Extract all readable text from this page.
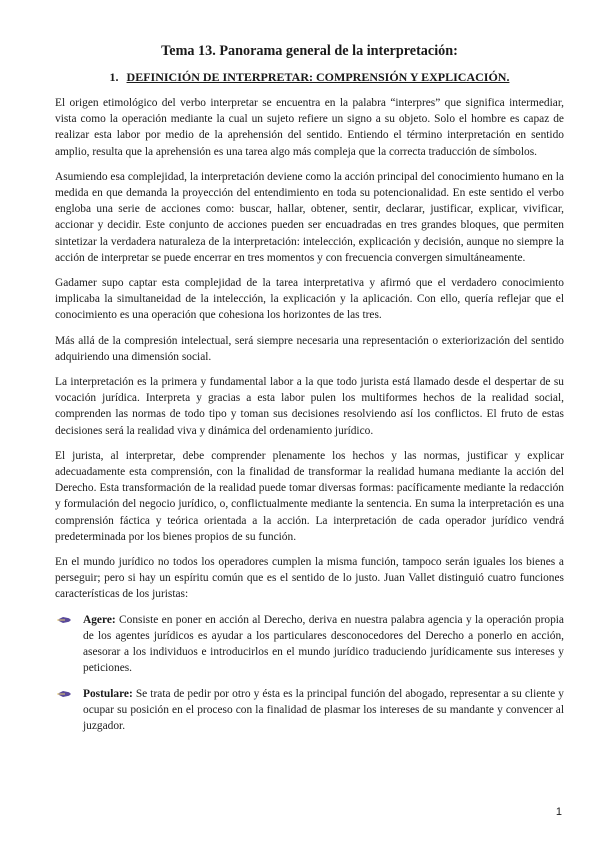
Tema 13. Panorama general de la interpretación:
1. DEFINICIÓN DE INTERPRETAR: COMPRENSIÓN Y EXPLICACIÓN.

El origen etimológico del verbo interpretar se encuentra en la palabra “interpres” que significa intermediar, vista como la operación mediante la cual un sujeto refiere un signo a su objeto. Solo el hombre es capaz de realizar esta labor por medio de la aprehensión del sentido. Entiendo el término interpretación en sentido amplio, resulta que la aprehensión es una tarea algo más compleja que la correcta traducción de símbolos.

Asumiendo esa complejidad, la interpretación deviene como la acción principal del conocimiento humano en la medida en que demanda la proyección del entendimiento en toda su potencionalidad. En este sentido el verbo engloba una serie de acciones como: buscar, hallar, obtener, sentir, declarar, justificar, explicar, vivificar, accionar y decidir. Este conjunto de acciones pueden ser encuadradas en tres grandes bloques, que permiten sintetizar la verdadera naturaleza de la interpretación: intelección, explicación y decisión, aunque no siempre la acción de interpretar se puede encerrar en tres momentos y con frecuencia convergen simultáneamente.

Gadamer supo captar esta complejidad de la tarea interpretativa y afirmó que el verdadero conocimiento implicaba la simultaneidad de la intelección, la explicación y la aplicación. Con ello, quería reflejar que el conocimiento es una operación que cohesiona los horizontes de las tres.

Más allá de la compresión intelectual, será siempre necesaria una representación o exteriorización del sentido adquiriendo una dimensión social.

La interpretación es la primera y fundamental labor a la que todo jurista está llamado desde el despertar de su vocación jurídica. Interpreta y gracias a esta labor pulen los multiformes hechos de la realidad social, comprenden las normas de todo tipo y toman sus decisiones resolviendo así los conflictos. El fruto de estas decisiones será la realidad viva y dinámica del ordenamiento jurídico.

El jurista, al interpretar, debe comprender plenamente los hechos y las normas, justificar y explicar adecuadamente esta comprensión, con la finalidad de transformar la realidad humana mediante la acción del Derecho. Esta transformación de la realidad puede tomar diversas formas: pacíficamente mediante la redacción y formulación del negocio jurídico, o, conflictualmente mediante la sentencia. En suma la interpretación es una comprensión fáctica y teórica orientada a la acción. La interpretación de cada operador jurídico vendrá predeterminada por los bienes propios de su función.

En el mundo jurídico no todos los operadores cumplen la misma función, tampoco serán iguales los bienes a perseguir; pero si hay un espíritu común que es el sentido de lo justo. Juan Vallet distinguió cuatro funciones características de los juristas:

Agere: Consiste en poner en acción al Derecho, deriva en nuestra palabra agencia y la operación propia de los agentes jurídicos es ayudar a los particulares desconocedores del Derecho a ponerlo en acción, asesorar a los individuos e introducirlos en el mundo jurídico traduciendo jurídicamente sus intereses y peticiones.
Postulare: Se trata de pedir por otro y ésta es la principal función del abogado, representar a su cliente y ocupar su posición en el proceso con la finalidad de plasmar los intereses de su mandante y convencer al juzgador.
1
